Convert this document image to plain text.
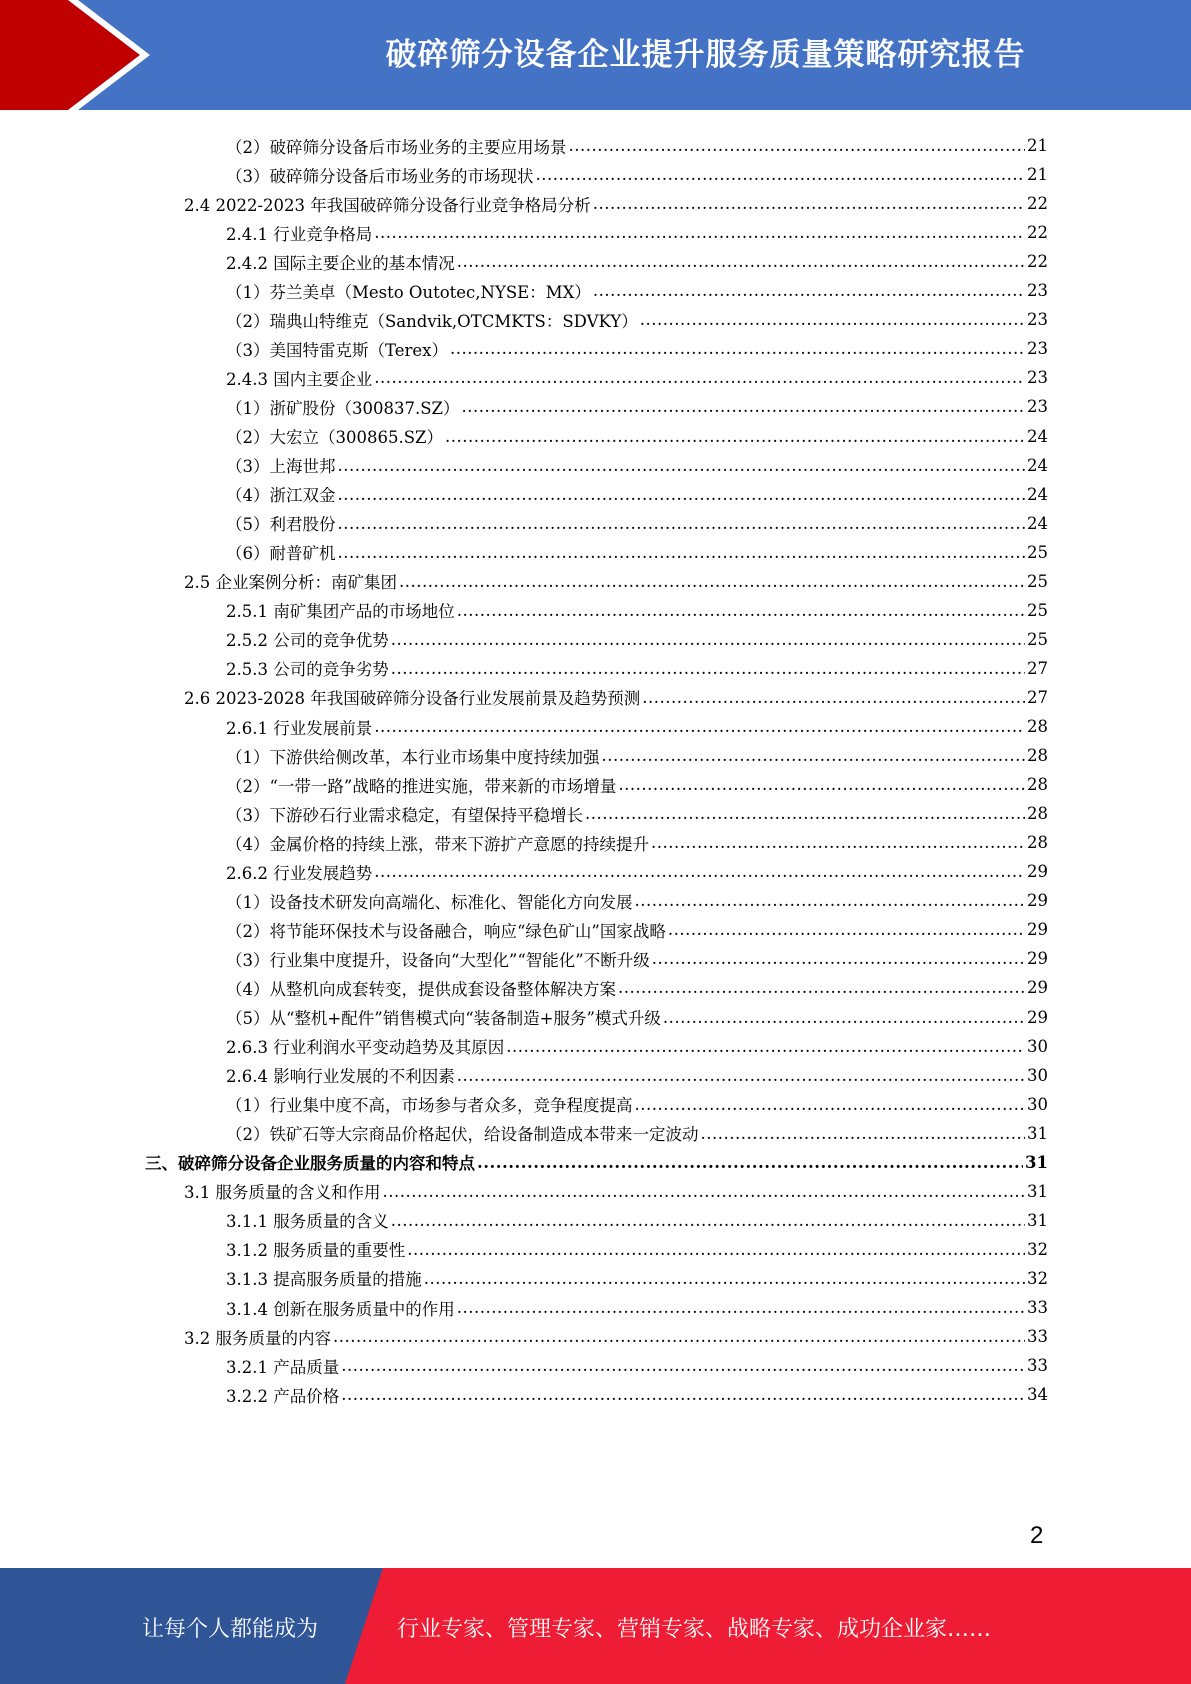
破碎筛分设备企业提升服务质量策略研究报告
（2）破碎筛分设备后市场业务的主要应用场景 .....	21
（3）破碎筛分设备后市场业务的市场现状 .....	21
2.4 2022-2023 年我国破碎筛分设备行业竞争格局分析 .....	22
2.4.1 行业竞争格局 .....	22
2.4.2 国际主要企业的基本情况 .....	22
（1）芬兰美卓（Mesto Outotec,NYSE：MX） .....	23
（2）瑞典山特维克（Sandvik,OTCMKTS：SDVKY） .....	23
（3）美国特雷克斯（Terex） .....	23
2.4.3 国内主要企业 .....	23
（1）浙矿股份（300837.SZ） .....	23
（2）大宏立（300865.SZ） .....	24
（3）上海世邦 .....	24
（4）浙江双金 .....	24
（5）利君股份 .....	24
（6）耐普矿机 .....	25
2.5 企业案例分析：南矿集团 .....	25
2.5.1 南矿集团产品的市场地位 .....	25
2.5.2 公司的竞争优势 .....	25
2.5.3 公司的竞争劣势 .....	27
2.6 2023-2028 年我国破碎筛分设备行业发展前景及趋势预测 .....	27
2.6.1 行业发展前景 .....	28
（1）下游供给侧改革，本行业市场集中度持续加强 .....	28
（2）“一带一路”战略的推进实施，带来新的市场增量 .....	28
（3）下游砂石行业需求稳定，有望保持平稳增长 .....	28
（4）金属价格的持续上涨，带来下游扩产意愿的持续提升 .....	28
2.6.2 行业发展趋势 .....	29
（1）设备技术研发向高端化、标准化、智能化方向发展 .....	29
（2）将节能环保技术与设备融合，响应“绿色矿山”国家战略 .....	29
（3）行业集中度提升，设备向“大型化”“智能化”不断升级 .....	29
（4）从整机向成套转变，提供成套设备整体解决方案 .....	29
（5）从“整机+配件”销售模式向“装备制造+服务”模式升级 .....	29
2.6.3 行业利润水平变动趋势及其原因 .....	30
2.6.4 影响行业发展的不利因素 .....	30
（1）行业集中度不高，市场参与者众多，竞争程度提高 .....	30
（2）铁矿石等大宗商品价格起伏，给设备制造成本带来一定波动 .....	31
三、破碎筛分设备企业服务质量的内容和特点 .....	31
3.1 服务质量的含义和作用 .....	31
3.1.1 服务质量的含义 .....	31
3.1.2 服务质量的重要性 .....	32
3.1.3 提高服务质量的措施 .....	32
3.1.4 创新在服务质量中的作用 .....	33
3.2 服务质量的内容 .....	33
3.2.1 产品质量 .....	33
3.2.2 产品价格 .....	34
2
让每个人都能成为	行业专家、管理专家、营销专家、战略专家、成功企业家……
